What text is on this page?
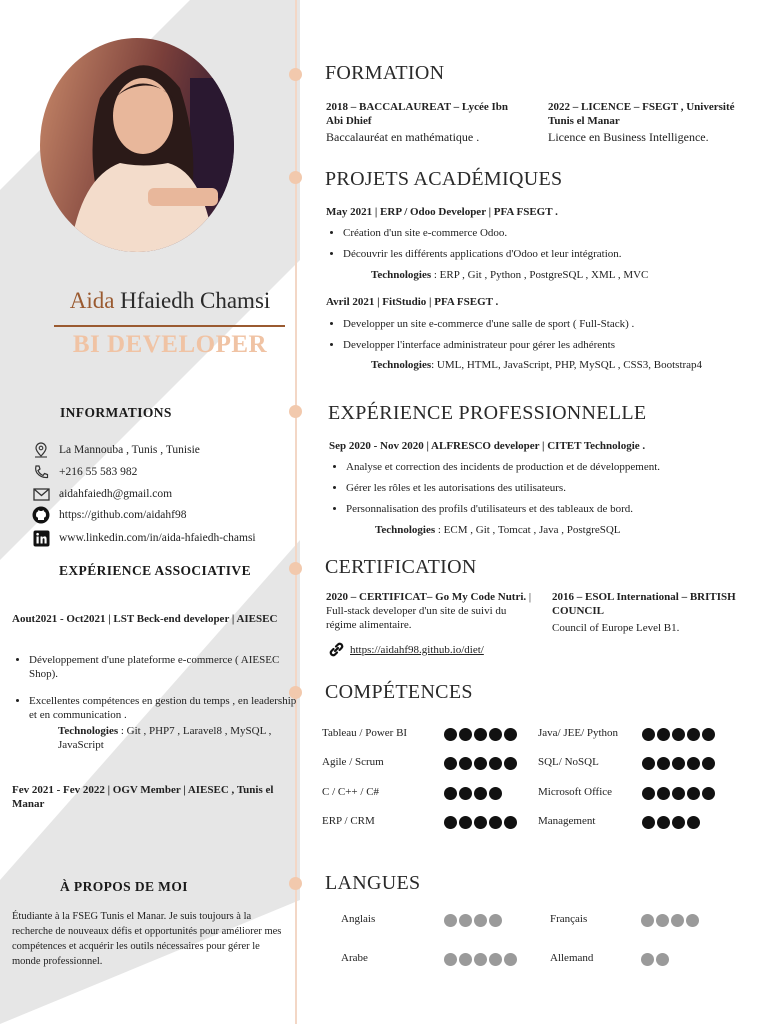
Aida Hfaiedh Chamsi
BI DEVELOPER
INFORMATIONS
La Mannouba , Tunis , Tunisie
+216 55 583 982
aidahfaiedh@gmail.com
https://github.com/aidahf98
www.linkedin.com/in/aida-hfaiedh-chamsi
EXPÉRIENCE ASSOCIATIVE
Aout2021 - Oct2021 | LST Beck-end developer | AIESEC
• Développement d'une plateforme e-commerce ( AIESEC Shop).
• Excellentes compétences en gestion du temps , en leadership et en communication .
Technologies : Git , PHP7 , Laravel8 , MySQL , JavaScript
Fev 2021 - Fev 2022 | OGV Member | AIESEC , Tunis el Manar
À PROPOS DE MOI
Étudiante à la FSEG Tunis el Manar. Je suis toujours à la recherche de nouveaux défis et opportunités pour améliorer mes compétences et acquérir les outils nécessaires pour gérer le monde professionnel.
FORMATION
2018 – BACCALAUREAT – Lycée Ibn Abi Dhief
Baccalauréat en mathématique .
2022 – LICENCE – FSEGT , Université Tunis el Manar
Licence en Business Intelligence.
PROJETS ACADÉMIQUES
May 2021 | ERP / Odoo Developer | PFA FSEGT .
• Création d'un site e-commerce Odoo.
• Découvrir les différents applications d'Odoo et leur intégration.
Technologies : ERP , Git , Python , PostgreSQL , XML , MVC
Avril 2021 | FitStudio | PFA FSEGT .
• Developper un site e-commerce d'une salle de sport ( Full-Stack) .
• Developper l'interface administrateur pour gérer les adhérents
Technologies: UML, HTML, JavaScript, PHP, MySQL , CSS3, Bootstrap4
EXPÉRIENCE PROFESSIONNELLE
Sep 2020 - Nov 2020 | ALFRESCO developer | CITET Technologie .
• Analyse et correction des incidents de production et de développement.
• Gérer les rôles et les autorisations des utilisateurs.
• Personnalisation des profils d'utilisateurs et des tableaux de bord.
Technologies : ECM , Git , Tomcat , Java , PostgreSQL
CERTIFICATION
2020 – CERTIFICAT– Go My Code Nutri. | Full-stack developer d'un site de suivi du régime alimentaire.
2016 – ESOL International – BRITISH COUNCIL
Council of Europe Level B1.
https://aidahf98.github.io/diet/
COMPÉTENCES
Tableau / Power BI	Java/ JEE/ Python
Agile / Scrum	SQL/ NoSQL
C / C++ / C#	Microsoft Office
ERP / CRM	Management
LANGUES
Anglais	Français
Arabe	Allemand
